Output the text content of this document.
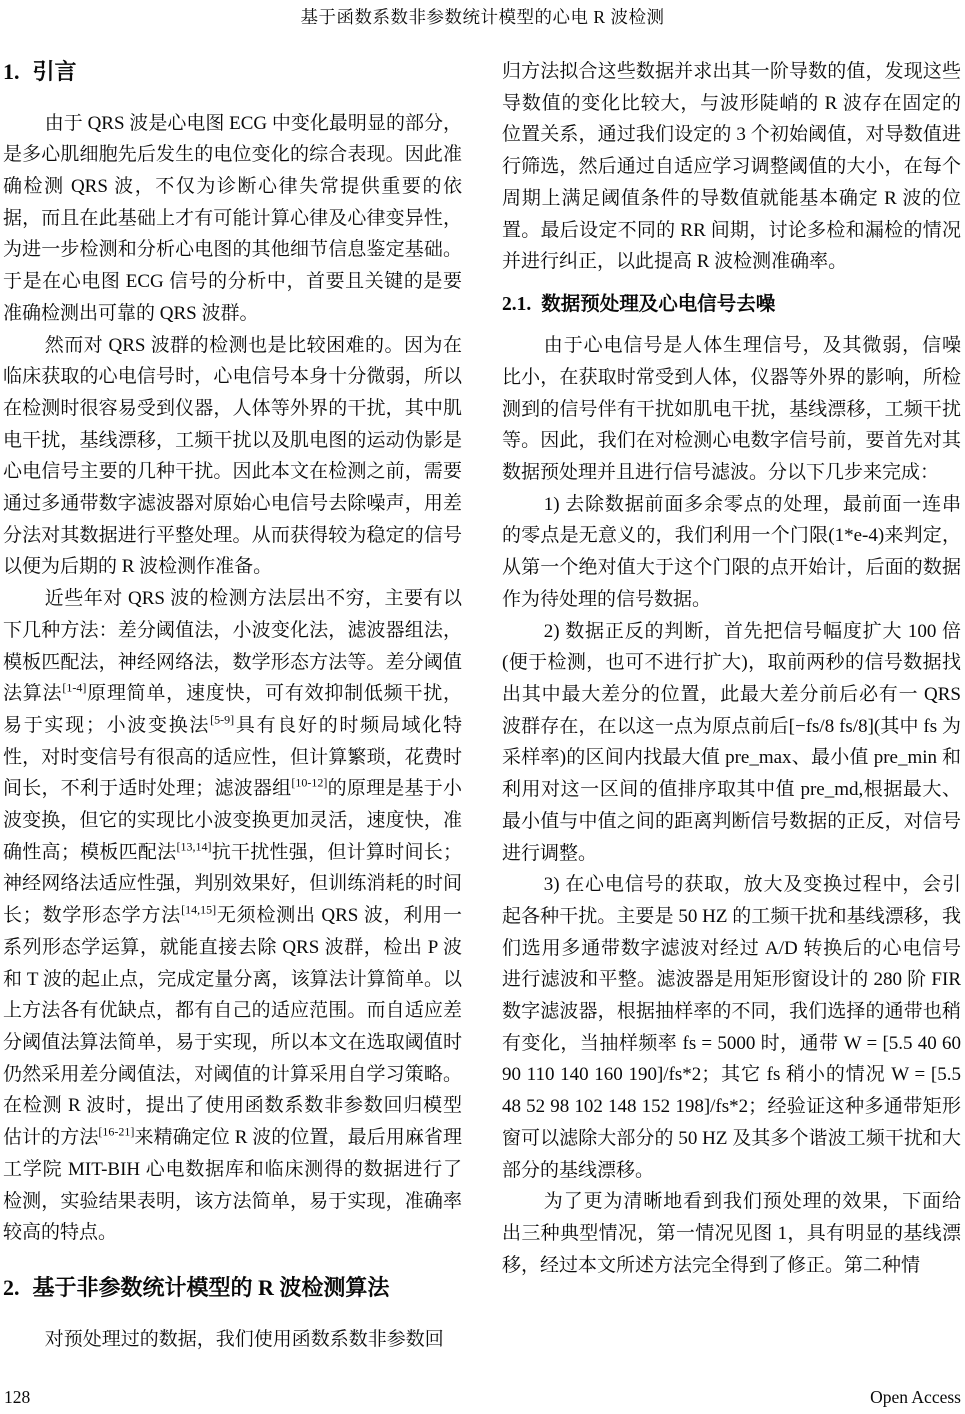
基于函数系数非参数统计模型的心电 R 波检测
1. 引言

由于 QRS 波是心电图 ECG 中变化最明显的部分，是多心肌细胞先后发生的电位变化的综合表现。因此准确检测 QRS 波，不仅为诊断心律失常提供重要的依据，而且在此基础上才有可能计算心律及心律变异性，为进一步检测和分析心电图的其他细节信息鉴定基础。于是在心电图 ECG 信号的分析中，首要且关键的是要准确检测出可靠的 QRS 波群。

然而对 QRS 波群的检测也是比较困难的。因为在临床获取的心电信号时，心电信号本身十分微弱，所以在检测时很容易受到仪器，人体等外界的干扰，其中肌电干扰，基线漂移，工频干扰以及肌电图的运动伪影是心电信号主要的几种干扰。因此本文在检测之前，需要通过多通带数字滤波器对原始心电信号去除噪声，用差分法对其数据进行平整处理。从而获得较为稳定的信号以便为后期的 R 波检测作准备。

近些年对 QRS 波的检测方法层出不穷，主要有以下几种方法：差分阈值法，小波变化法，滤波器组法，模板匹配法，神经网络法，数学形态方法等。差分阈值法算法[1-4]原理简单，速度快，可有效抑制低频干扰，易于实现；小波变换法[5-9]具有良好的时频局域化特性，对时变信号有很高的适应性，但计算繁琐，花费时间长，不利于适时处理；滤波器组[10-12]的原理是基于小波变换，但它的实现比小波变换更加灵活，速度快，准确性高；模板匹配法[13,14]抗干扰性强，但计算时间长；神经网络法适应性强，判别效果好，但训练消耗的时间长；数学形态学方法[14,15]无须检测出 QRS 波，利用一系列形态学运算，就能直接去除 QRS 波群，检出 P 波和 T 波的起止点，完成定量分离，该算法计算简单。以上方法各有优缺点，都有自己的适应范围。而自适应差分阈值法算法简单，易于实现，所以本文在选取阈值时仍然采用差分阈值法，对阈值的计算采用自学习策略。在检测 R 波时，提出了使用函数系数非参数回归模型估计的方法[16-21]来精确定位 R 波的位置，最后用麻省理工学院 MIT-BIH 心电数据库和临床测得的数据进行了检测，实验结果表明，该方法简单，易于实现，准确率较高的特点。

2. 基于非参数统计模型的 R 波检测算法

对预处理过的数据，我们使用函数系数非参数回

归方法拟合这些数据并求出其一阶导数的值，发现这些导数值的变化比较大，与波形陡峭的 R 波存在固定的位置关系，通过我们设定的 3 个初始阈值，对导数值进行筛选，然后通过自适应学习调整阈值的大小，在每个周期上满足阈值条件的导数值就能基本确定 R 波的位置。最后设定不同的 RR 间期，讨论多检和漏检的情况并进行纠正，以此提高 R 波检测准确率。

2.1. 数据预处理及心电信号去噪

由于心电信号是人体生理信号，及其微弱，信噪比小，在获取时常受到人体，仪器等外界的影响，所检测到的信号伴有干扰如肌电干扰，基线漂移，工频干扰等。因此，我们在对检测心电数字信号前，要首先对其数据预处理并且进行信号滤波。分以下几步来完成：

1) 去除数据前面多余零点的处理，最前面一连串的零点是无意义的，我们利用一个门限(1*e-4)来判定，从第一个绝对值大于这个门限的点开始计，后面的数据作为待处理的信号数据。

2) 数据正反的判断，首先把信号幅度扩大 100 倍(便于检测，也可不进行扩大)，取前两秒的信号数据找出其中最大差分的位置，此最大差分前后必有一 QRS 波群存在，在以这一点为原点前后[−fs/8 fs/8](其中 fs 为采样率)的区间内找最大值 pre_max、最小值 pre_min 和利用对这一区间的值排序取其中值 pre_md,根据最大、最小值与中值之间的距离判断信号数据的正反，对信号进行调整。

3) 在心电信号的获取，放大及变换过程中，会引起各种干扰。主要是 50 HZ 的工频干扰和基线漂移，我们选用多通带数字滤波对经过 A/D 转换后的心电信号进行滤波和平整。滤波器是用矩形窗设计的 280 阶 FIR 数字滤波器，根据抽样率的不同，我们选择的通带也稍有变化，当抽样频率 fs = 5000 时，通带 W = [5.5 40 60 90 110 140 160 190]/fs*2；其它 fs 稍小的情况 W = [5.5 48 52 98 102 148 152 198]/fs*2；经验证这种多通带矩形窗可以滤除大部分的 50 HZ 及其多个谐波工频干扰和大部分的基线漂移。

为了更为清晰地看到我们预处理的效果，下面给出三种典型情况，第一情况见图 1，具有明显的基线漂移，经过本文所述方法完全得到了修正。第二种情

128	Open Access
